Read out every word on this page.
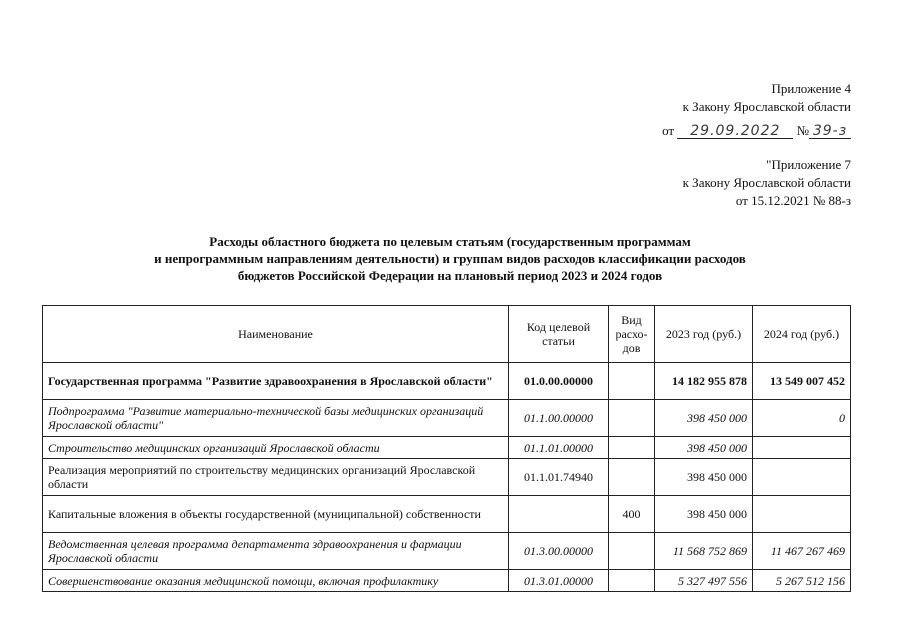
Приложение 4
к Закону Ярославской области
от 29.09.2022 № 39-з
"Приложение 7
к Закону Ярославской области
от 15.12.2021 № 88-з
Расходы областного бюджета по целевым статьям (государственным программам
и непрограммным направлениям деятельности) и группам видов расходов классификации расходов
бюджетов Российской Федерации на плановый период 2023 и 2024 годов
Наименование	Код целевой статьи	Вид расхо-дов	2023 год (руб.)	2024 год (руб.)
Государственная программа "Развитие здравоохранения в Ярославской области"	01.0.00.00000		14 182 955 878	13 549 007 452
Подпрограмма "Развитие материально-технической базы медицинских организаций Ярославской области"	01.1.00.00000		398 450 000	0
Строительство медицинских организаций Ярославской области	01.1.01.00000		398 450 000	
Реализация мероприятий по строительству медицинских организаций Ярославской области	01.1.01.74940		398 450 000	
Капитальные вложения в объекты государственной (муниципальной) собственности		400	398 450 000	
Ведомственная целевая программа департамента здравоохранения и фармации Ярославской области	01.3.00.00000		11 568 752 869	11 467 267 469
Совершенствование оказания медицинской помощи, включая профилактику	01.3.01.00000		5 327 497 556	5 267 512 156
